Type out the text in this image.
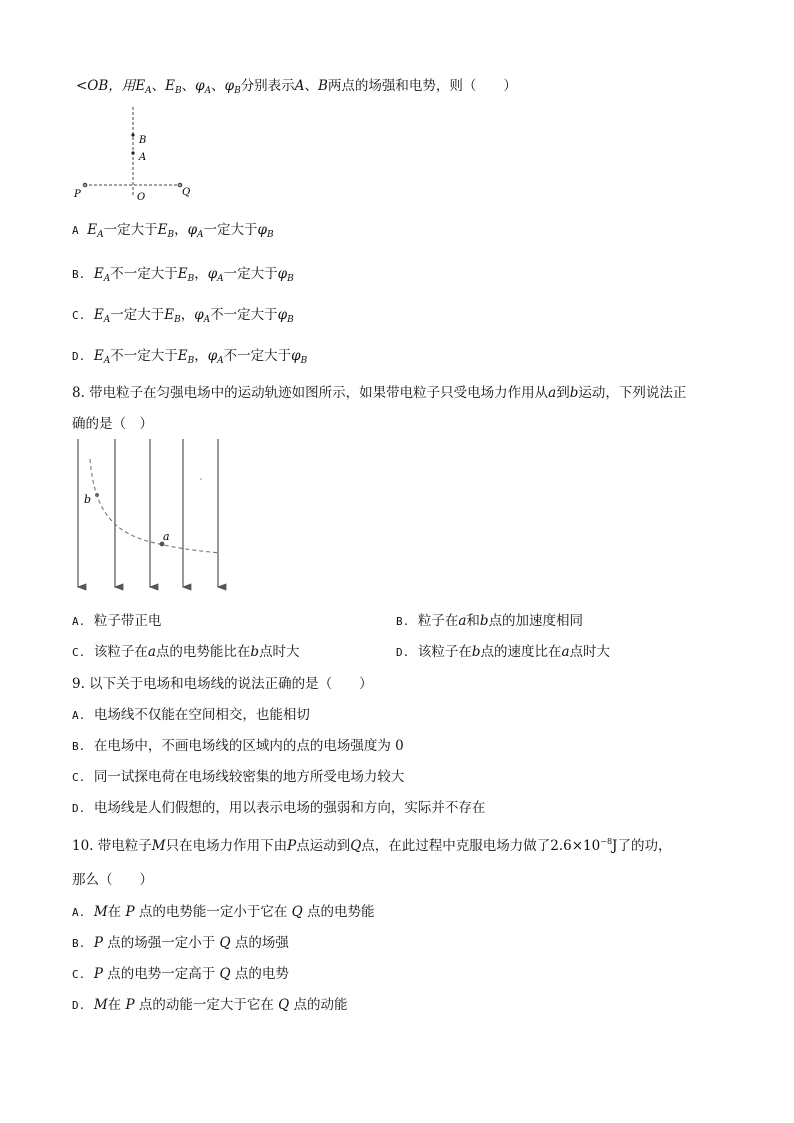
<OB，用$E_A$、$E_B$、$\varphi_A$、$\varphi_B$分别表示A、B两点的场强和电势，则（　　）
B
A
P	O	Q
A $E_A$一定大于$E_B$，$\varphi_A$一定大于$\varphi_B$
B. $E_A$不一定大于$E_B$，$\varphi_A$一定大于$\varphi_B$
C. $E_A$一定大于$E_B$，$\varphi_A$不一定大于$\varphi_B$
D. $E_A$不一定大于$E_B$，$\varphi_A$不一定大于$\varphi_B$
8. 带电粒子在匀强电场中的运动轨迹如图所示，如果带电粒子只受电场力作用从a到b运动，下列说法正
确的是（　）
b
a
A. 粒子带正电	B. 粒子在a和b点的加速度相同
C. 该粒子在a点的电势能比在b点时大	D. 该粒子在b点的速度比在a点时大
9. 以下关于电场和电场线的说法正确的是（　　）
A. 电场线不仅能在空间相交，也能相切
B. 在电场中，不画电场线的区域内的点的电场强度为 0
C. 同一试探电荷在电场线较密集的地方所受电场力较大
D. 电场线是人们假想的，用以表示电场的强弱和方向，实际并不存在
10. 带电粒子M只在电场力作用下由P点运动到Q点，在此过程中克服电场力做了$2.6\times 10^{-8}J$了的功，
那么（　　）
A. M在 P 点的电势能一定小于它在 Q 点的电势能
B. P 点的场强一定小于 Q 点的场强
C. P 点的电势一定高于 Q 点的电势
D. M在 P 点的动能一定大于它在 Q 点的动能
